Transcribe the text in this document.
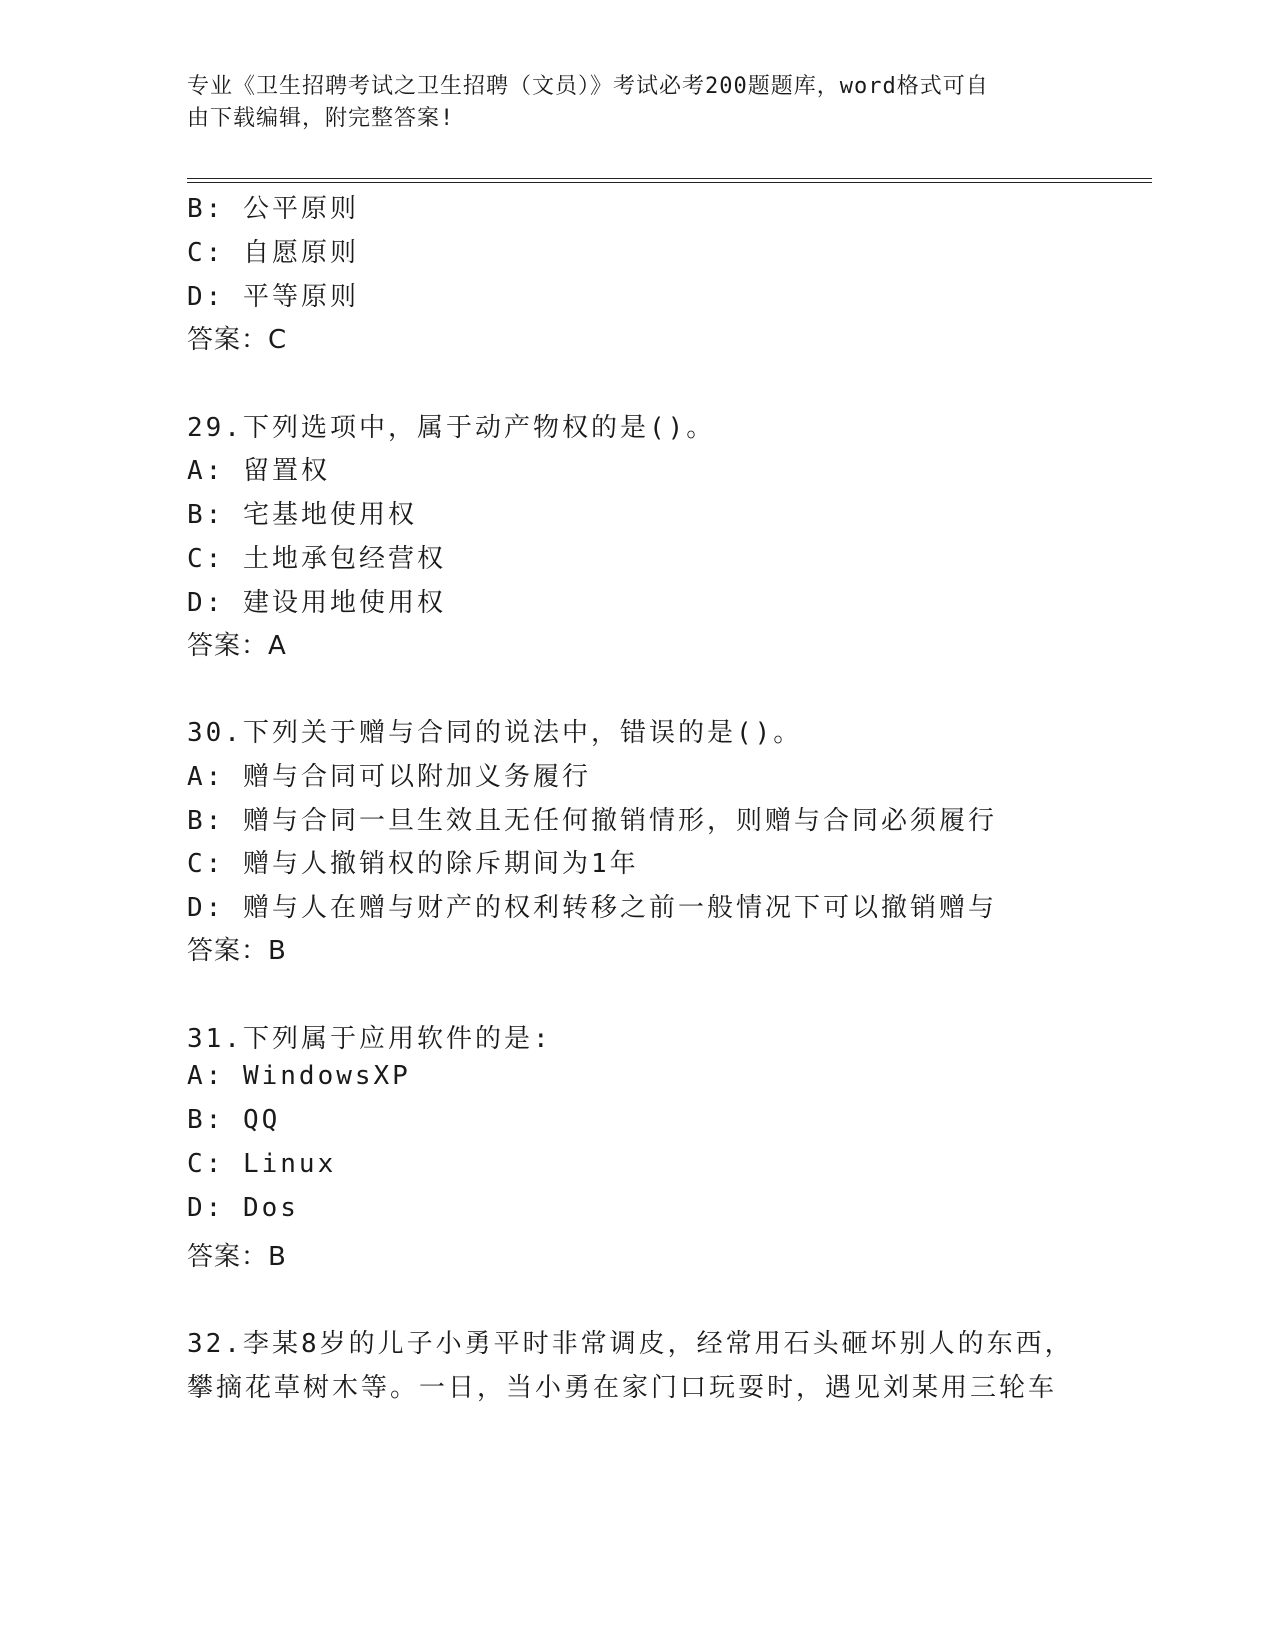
专业《卫生招聘考试之卫生招聘（文员）》考试必考200题题库，word格式可自
由下载编辑，附完整答案!
B: 公平原则
C: 自愿原则
D: 平等原则
答案：C
29.下列选项中，属于动产物权的是()。
A: 留置权
B: 宅基地使用权
C: 土地承包经营权
D: 建设用地使用权
答案：A
30.下列关于赠与合同的说法中，错误的是()。
A: 赠与合同可以附加义务履行
B: 赠与合同一旦生效且无任何撤销情形，则赠与合同必须履行
C: 赠与人撤销权的除斥期间为1年
D: 赠与人在赠与财产的权利转移之前一般情况下可以撤销赠与
答案：B
31.下列属于应用软件的是:
A: WindowsXP
B: QQ
C: Linux
D: Dos
答案：B
32.李某8岁的儿子小勇平时非常调皮，经常用石头砸坏别人的东西，
攀摘花草树木等。一日，当小勇在家门口玩耍时，遇见刘某用三轮车
